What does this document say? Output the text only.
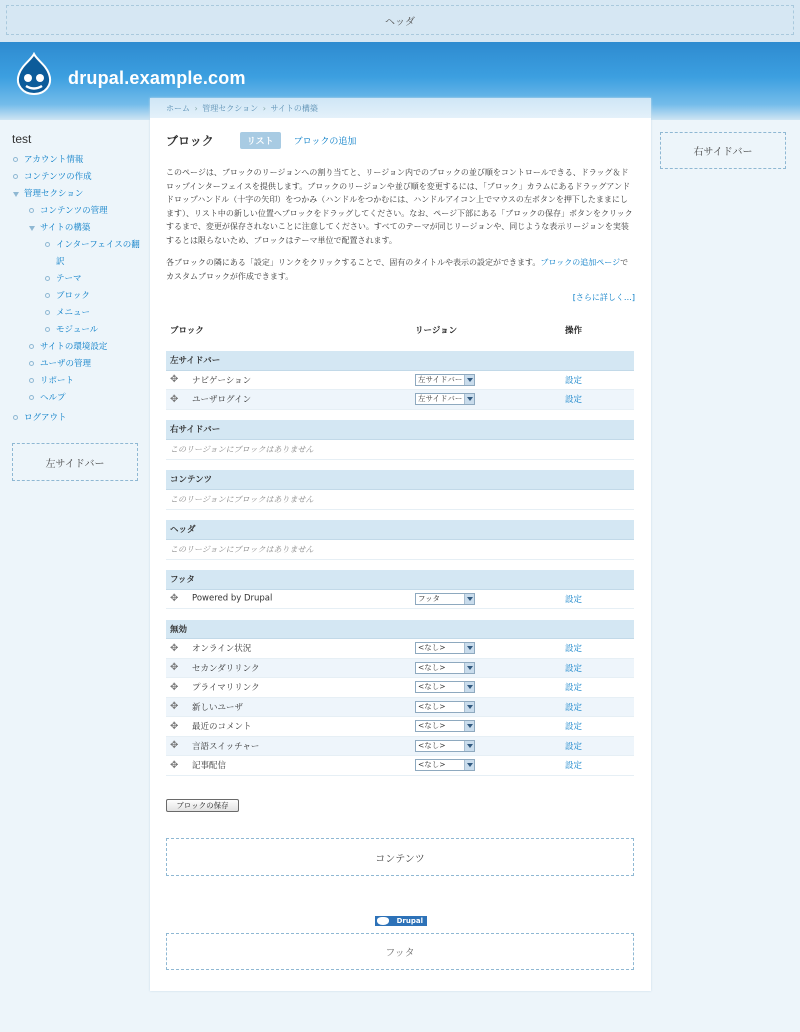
ヘッダ
drupal.example.com
test
アカウント情報
コンテンツの作成
管理セクション
コンテンツの管理
サイトの構築
インターフェイスの翻訳
テーマ
ブロック
メニュー
モジュール
サイトの環境設定
ユーザの管理
リポート
ヘルプ
ログアウト
左サイドバー
右サイドバー
ホーム › 管理セクション › サイトの構築
ブロック	リスト	ブロックの追加

このページは、ブロックのリージョンへの割り当てと、リージョン内でのブロックの並び順をコントロールできる、ドラッグ＆ドロップインターフェイスを提供します。ブロックのリージョンや並び順を変更するには、「ブロック」カラムにあるドラッグアンドドロップハンドル（十字の矢印）をつかみ（ハンドルをつかむには、ハンドルアイコン上でマウスの左ボタンを押下したままにします）、リスト中の新しい位置へブロックをドラッグしてください。なお、ページ下部にある「ブロックの保存」ボタンをクリックするまで、変更が保存されないことに注意してください。すべてのテーマが同じリージョンや、同じような表示リージョンを実装するとは限らないため、ブロックはテーマ単位で配置されます。

各ブロックの隣にある「設定」リンクをクリックすることで、固有のタイトルや表示の設定ができます。ブロックの追加ページでカスタムブロックが作成できます。

[さらに詳しく…]
ブロック	リージョン	操作
左サイドバー		
✥ ナビゲーション	左サイドバー	設定
✥ ユーザログイン	左サイドバー	設定

右サイドバー		
このリージョンにブロックはありません		

コンテンツ		
このリージョンにブロックはありません		

ヘッダ		
このリージョンにブロックはありません		

フッタ		
✥ Powered by Drupal	フッタ	設定

無効		
✥ オンライン状況	<なし>	設定
✥ セカンダリリンク	<なし>	設定
✥ プライマリリンク	<なし>	設定
✥ 新しいユーザ	<なし>	設定
✥ 最近のコメント	<なし>	設定
✥ 言語スイッチャー	<なし>	設定
✥ 記事配信	<なし>	設定
ブロックの保存
コンテンツ
Drupal
フッタ
